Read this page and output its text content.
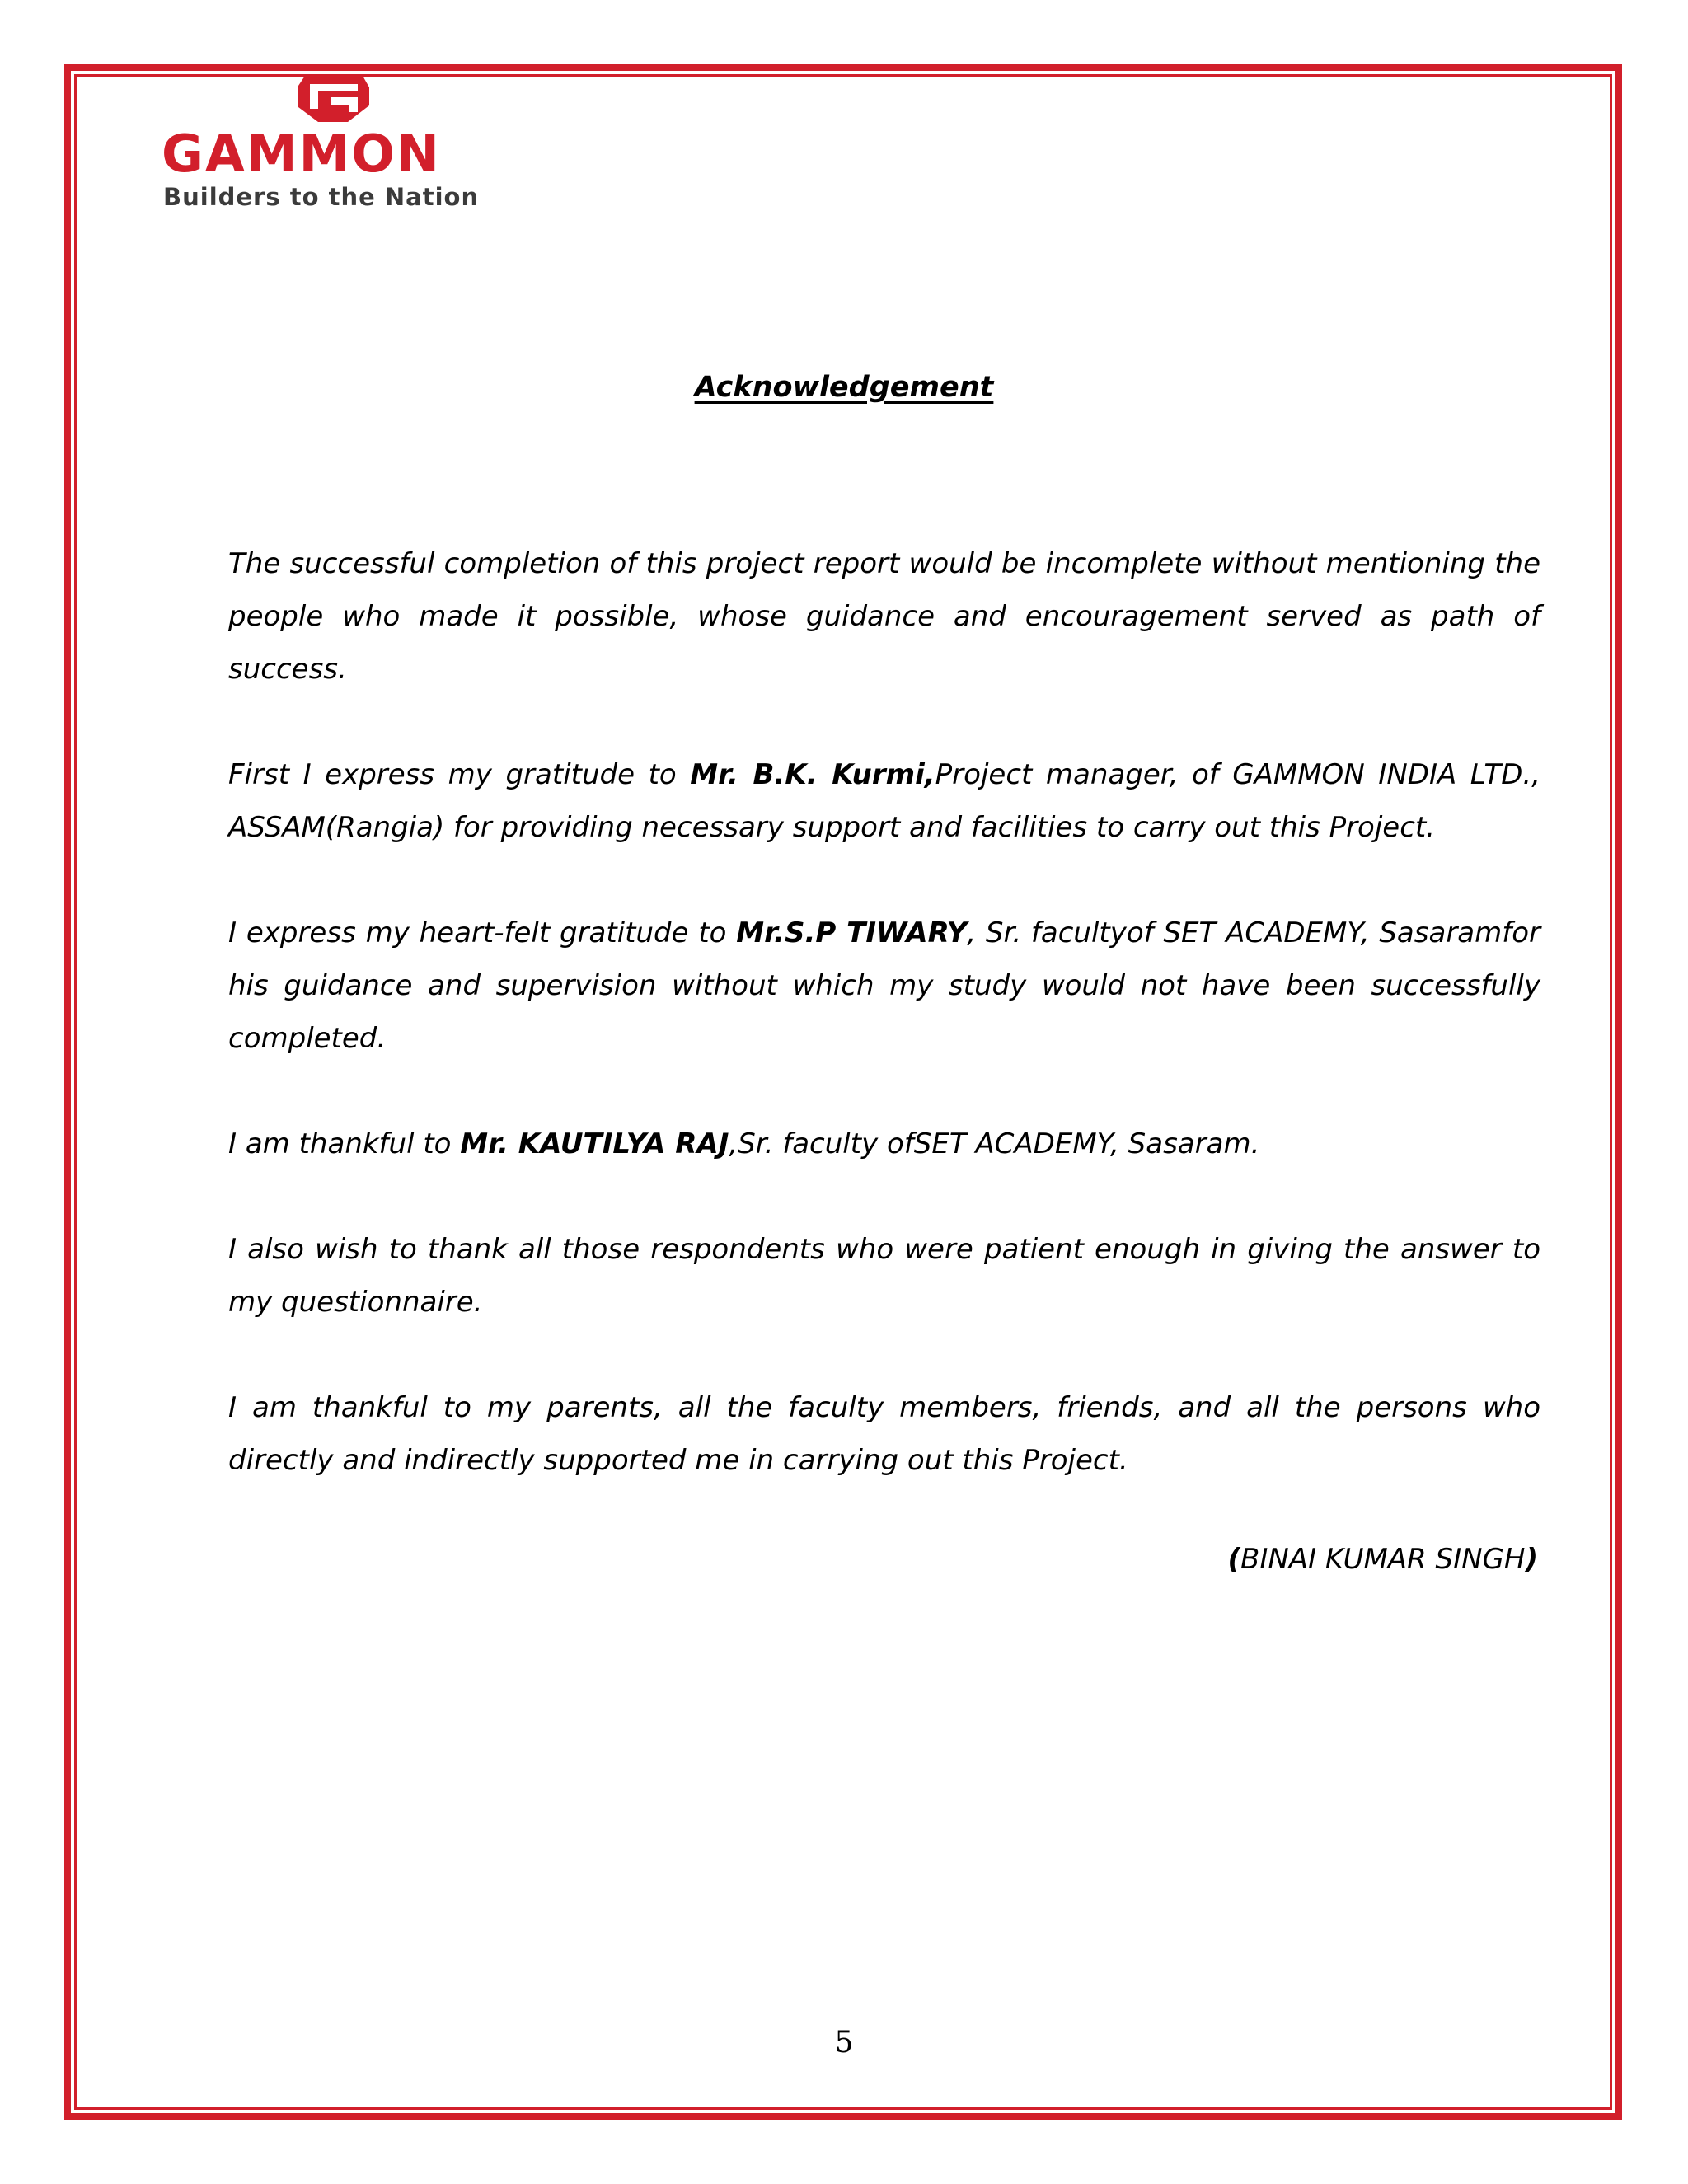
GAMMON
Builders to the Nation
Acknowledgement

The successful completion of this project report would be incomplete without mentioning the people who made it possible, whose guidance and encouragement served as path of success.

First I express my gratitude to Mr. B.K. Kurmi,Project manager, of GAMMON INDIA LTD., ASSAM(Rangia) for providing necessary support and facilities to carry out this Project.

I express my heart-felt gratitude to Mr.S.P TIWARY, Sr. facultyof SET ACADEMY, Sasaramfor his guidance and supervision without which my study would not have been successfully completed.

I am thankful to Mr. KAUTILYA RAJ,Sr. faculty ofSET ACADEMY, Sasaram.

I also wish to thank all those respondents who were patient enough in giving the answer to my questionnaire.

I am thankful to my parents, all the faculty members, friends, and all the persons who directly and indirectly supported me in carrying out this Project.

(BINAI KUMAR SINGH)
5
